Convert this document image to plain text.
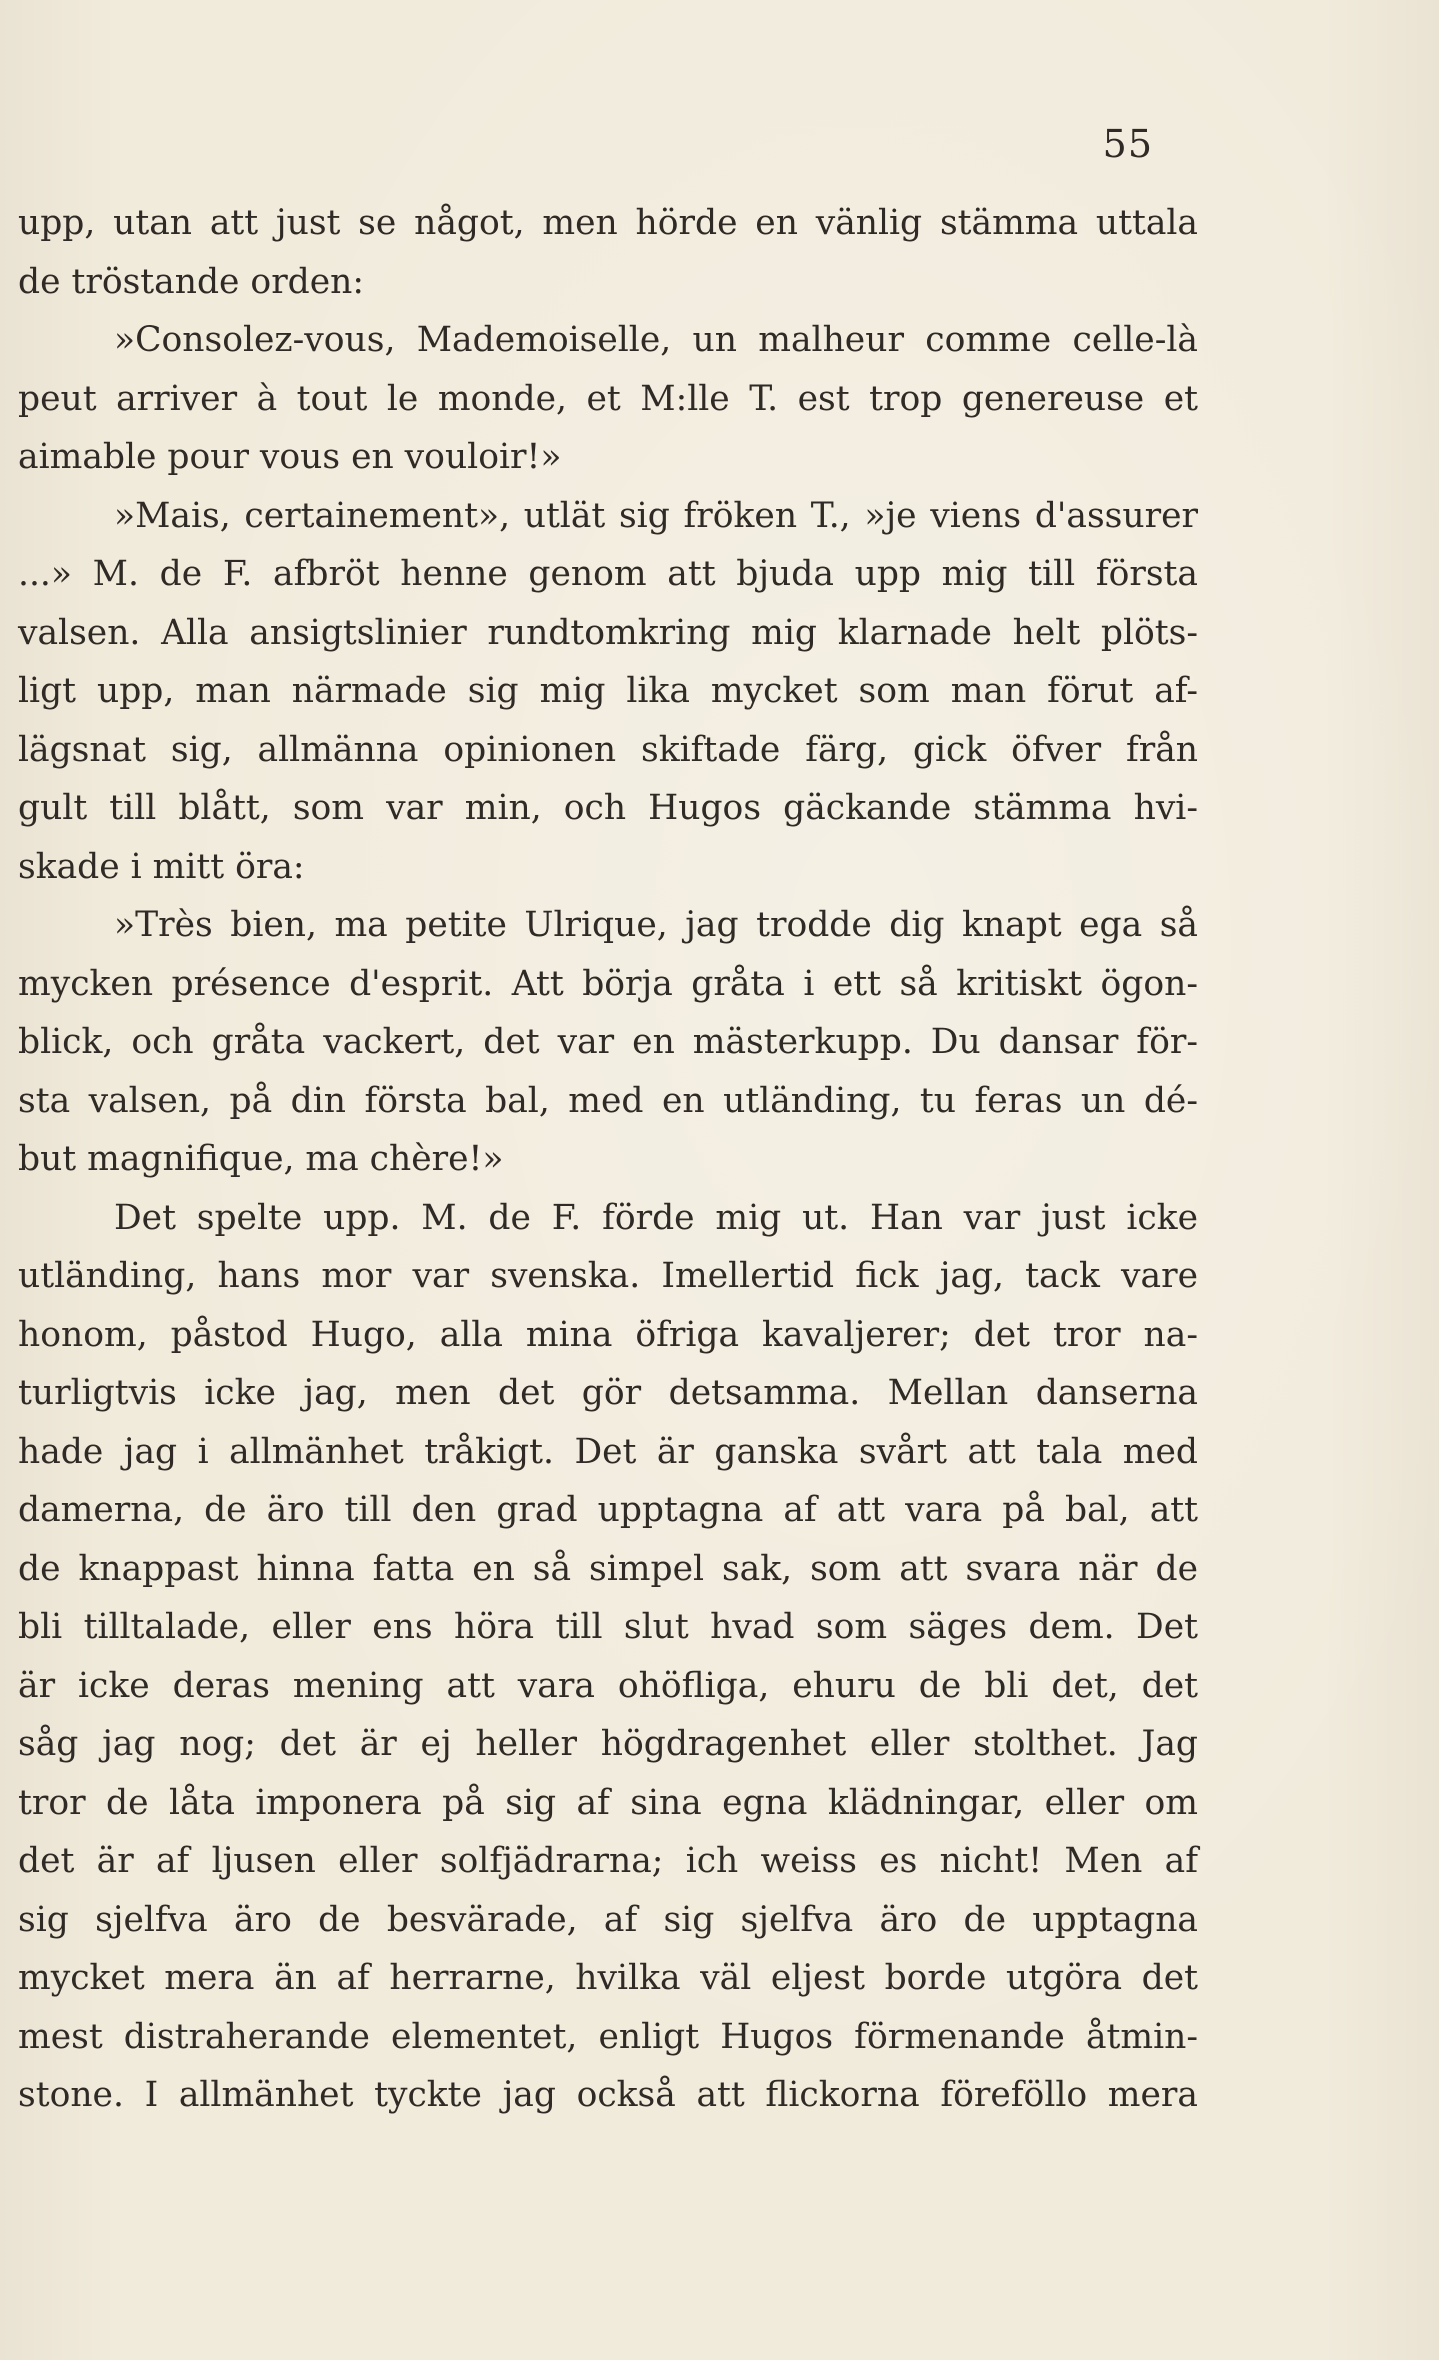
55
upp, utan att just se något, men hörde en vänlig stämma uttala
de tröstande orden:
»Consolez-vous, Mademoiselle, un malheur comme celle-là
peut arriver à tout le monde, et M:lle T. est trop genereuse et
aimable pour vous en vouloir!»
»Mais, certainement», utlät sig fröken T., »je viens d'assurer
...» M. de F. afbröt henne genom att bjuda upp mig till första
valsen. Alla ansigtslinier rundtomkring mig klarnade helt plöts-
ligt upp, man närmade sig mig lika mycket som man förut af-
lägsnat sig, allmänna opinionen skiftade färg, gick öfver från
gult till blått, som var min, och Hugos gäckande stämma hvi-
skade i mitt öra:
»Très bien, ma petite Ulrique, jag trodde dig knapt ega så
mycken présence d'esprit. Att börja gråta i ett så kritiskt ögon-
blick, och gråta vackert, det var en mästerkupp. Du dansar för-
sta valsen, på din första bal, med en utländing, tu feras un dé-
but magnifique, ma chère!»
Det spelte upp. M. de F. förde mig ut. Han var just icke
utländing, hans mor var svenska. Imellertid fick jag, tack vare
honom, påstod Hugo, alla mina öfriga kavaljerer; det tror na-
turligtvis icke jag, men det gör detsamma. Mellan danserna
hade jag i allmänhet tråkigt. Det är ganska svårt att tala med
damerna, de äro till den grad upptagna af att vara på bal, att
de knappast hinna fatta en så simpel sak, som att svara när de
bli tilltalade, eller ens höra till slut hvad som säges dem. Det
är icke deras mening att vara ohöfliga, ehuru de bli det, det
såg jag nog; det är ej heller högdragenhet eller stolthet. Jag
tror de låta imponera på sig af sina egna klädningar, eller om
det är af ljusen eller solfjädrarna; ich weiss es nicht! Men af
sig sjelfva äro de besvärade, af sig sjelfva äro de upptagna
mycket mera än af herrarne, hvilka väl eljest borde utgöra det
mest distraherande elementet, enligt Hugos förmenande åtmin-
stone. I allmänhet tyckte jag också att flickorna föreföllo mera
